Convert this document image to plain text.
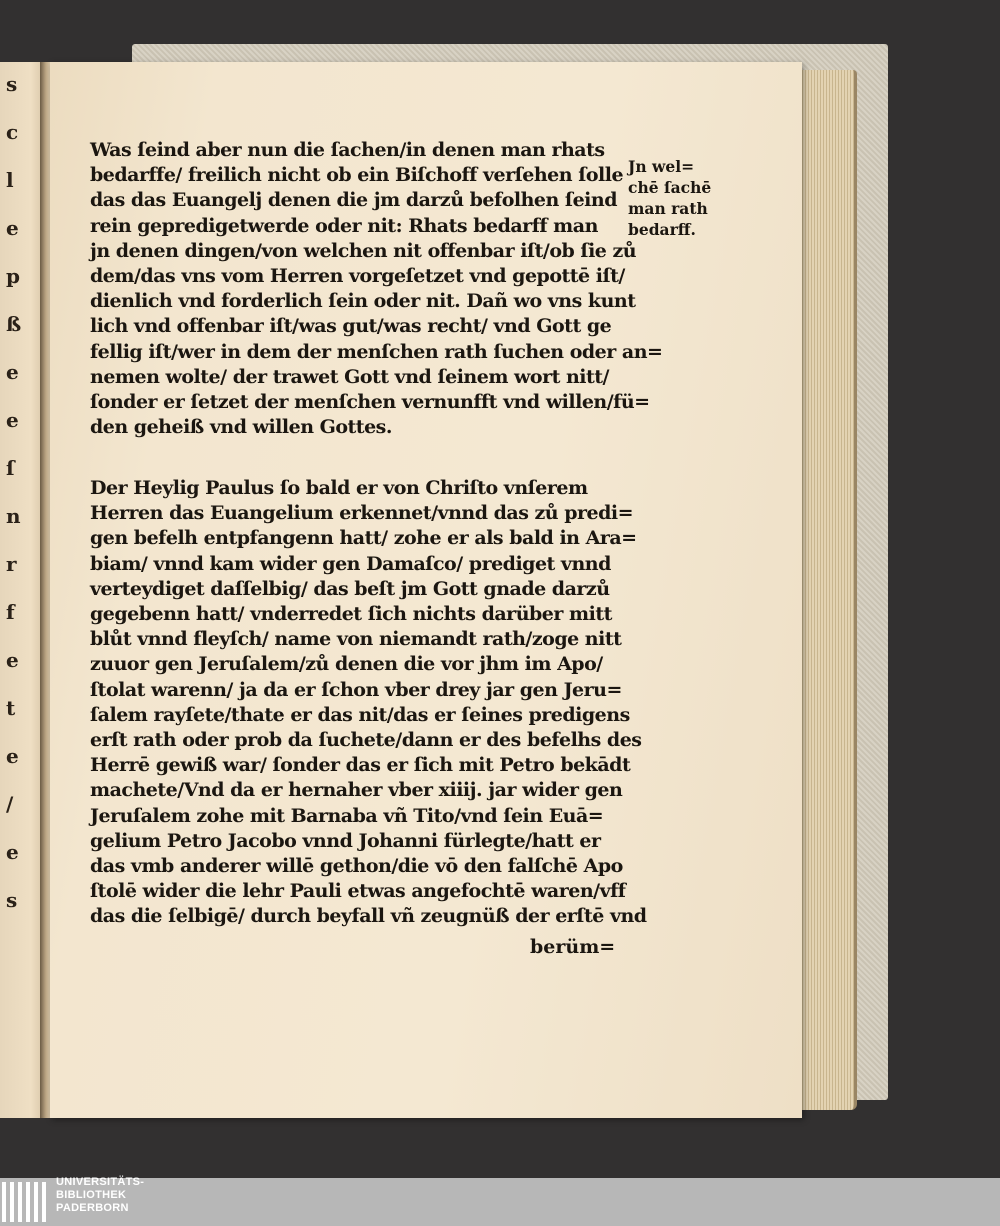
s
c
l
e
p
ß
e
e
ſ
n
r
f
e
t
e
/
e
s
Was ſeind aber nun die ſachen/in denen man rhats
bedarffe/ freilich nicht ob ein Biſchoff verſehen ſolle
das das Euangelj denen die jm darzů befolhen ſeind
rein gepredigetwerde oder nit: Rhats bedarff man
jn denen dingen/von welchen nit offenbar iſt/ob ſie zů
dem/das vns vom Herren vorgeſetzet vnd gepottē iſt/
dienlich vnd forderlich ſein oder nit. Dañ wo vns kunt
lich vnd offenbar iſt/was gut/was recht/ vnd Gott ge
fellig iſt/wer in dem der menſchen rath ſuchen oder an=
nemen wolte/ der trawet Gott vnd ſeinem wort nitt/
ſonder er ſetzet der menſchen vernunfft vnd willen/fü=
den geheiß vnd willen Gottes.
Jn wel=
chē ſachē
man rath
bedarff.
Der Heylig Paulus ſo bald er von Chriſto vnſerem
Herren das Euangelium erkennet/vnnd das zů predi=
gen befelh entpfangenn hatt/ zohe er als bald in Ara=
biam/ vnnd kam wider gen Damaſco/ prediget vnnd
verteydiget daſſelbig/ das beſt jm Gott gnade darzů
gegebenn hatt/ vnderredet ſich nichts darüber mitt
blůt vnnd fleyſch/ name von niemandt rath/zoge nitt
zuuor gen Jeruſalem/zů denen die vor jhm im Apo/
ſtolat warenn/ ja da er ſchon vber drey jar gen Jeru=
ſalem rayſete/thate er das nit/das er ſeines predigens
erſt rath oder prob da ſuchete/dann er des befelhs des
Herrē gewiß war/ ſonder das er ſich mit Petro bekādt
machete/Vnd da er hernaher vber xiiij. jar wider gen
Jeruſalem zohe mit Barnaba vñ Tito/vnd ſein Euā=
gelium Petro Jacobo vnnd Johanni fürlegte/hatt er
das vmb anderer willē gethon/die vō den falſchē Apo
ſtolē wider die lehr Pauli etwas angefochtē waren/vff
das die ſelbigē/ durch beyfall vñ zeugnüß der erſtē vnd
berüm=
UNIVERSITÄTS-
BIBLIOTHEK
PADERBORN
